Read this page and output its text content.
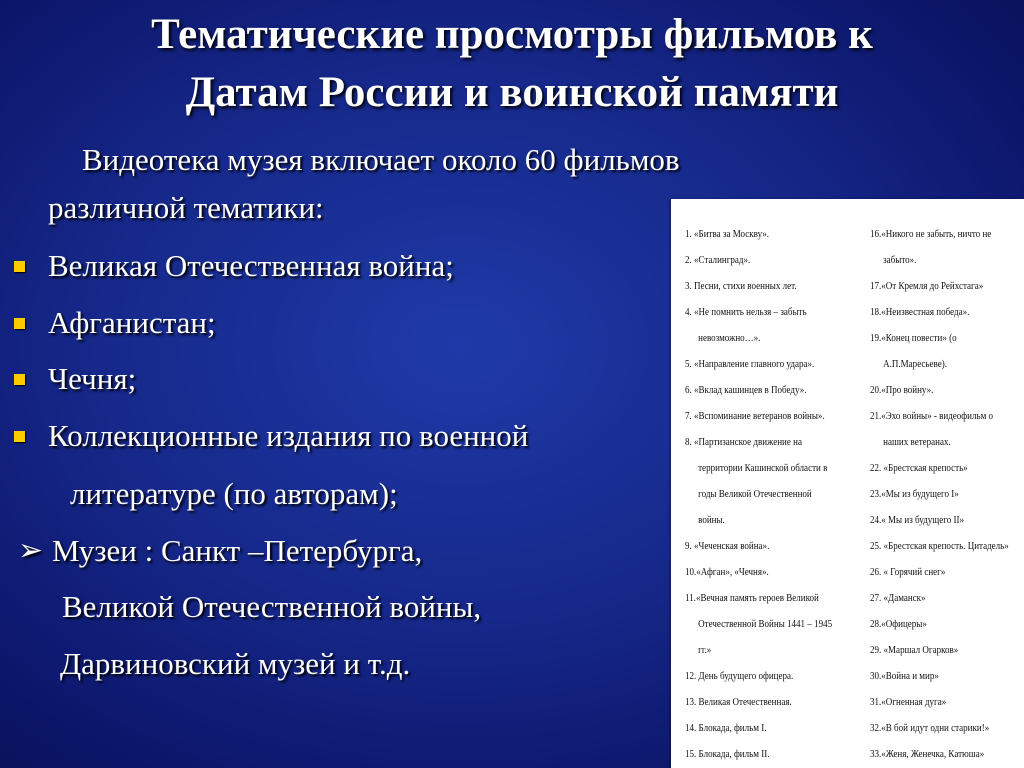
Тематические просмотры фильмов к
Датам России и воинской памяти
Видеотека музея включает около 60 фильмов
различной тематики:
Великая Отечественная война;
Афганистан;
Чечня;
Коллекционные издания по военной
литературе (по авторам);
➢ Музеи : Санкт –Петербурга,
Великой Отечественной войны,
Дарвиновский музей и т.д.
1. «Битва за Москву».
2. «Сталинград».
3. Песни, стихи военных лет.
4. «Не помнить нельзя – забыть
невозможно…».
5. «Направление главного удара».
6. «Вклад кашинцев в Победу».
7. «Вспоминание ветеранов войны».
8. «Партизанское движение на
территории Кашинской области в
годы Великой Отечественной
войны.
9. «Чеченская война».
10.«Афган», «Чечня».
11.«Вечная память героев Великой
Отечественной Войны 1441 – 1945
гг.»
12. День будущего офицера.
13. Великая Отечественная.
14. Блокада, фильм I.
15. Блокада, фильм II.
16.«Никого не забыть, ничто не
забыто».
17.«От Кремля до Рейхстага»
18.«Неизвестная победа».
19.«Конец повести» (о
А.П.Маресьеве).
20.«Про войну».
21.«Эхо войны» - видеофильм о
наших ветеранах.
22. «Брестская крепость»
23.«Мы из будущего I»
24.« Мы из будущего II»
25. «Брестская крепость. Цитадель»
26. « Горячий снег»
27. «Даманск»
28.«Офицеры»
29. «Маршал Огарков»
30.«Война и мир»
31.«Огненная дуга»
32.«В бой идут одни старики!»
33.«Женя, Женечка, Катюша»
